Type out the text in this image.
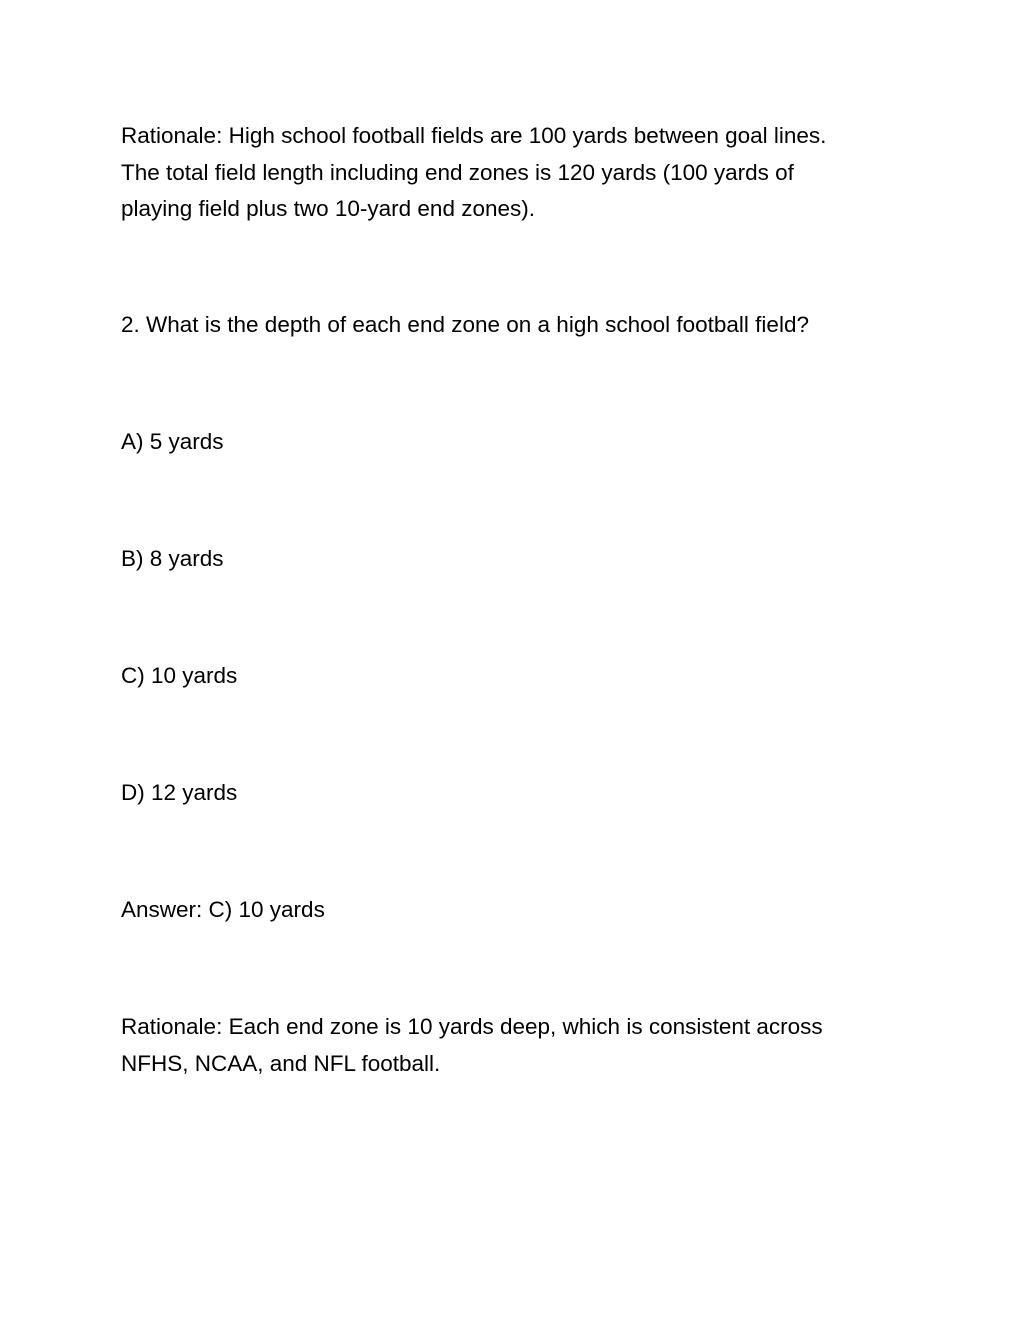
Rationale: High school football fields are 100 yards between goal lines.
The total field length including end zones is 120 yards (100 yards of
playing field plus two 10-yard end zones).

2. What is the depth of each end zone on a high school football field?

A) 5 yards

B) 8 yards

C) 10 yards

D) 12 yards

Answer: C) 10 yards

Rationale: Each end zone is 10 yards deep, which is consistent across
NFHS, NCAA, and NFL football.
